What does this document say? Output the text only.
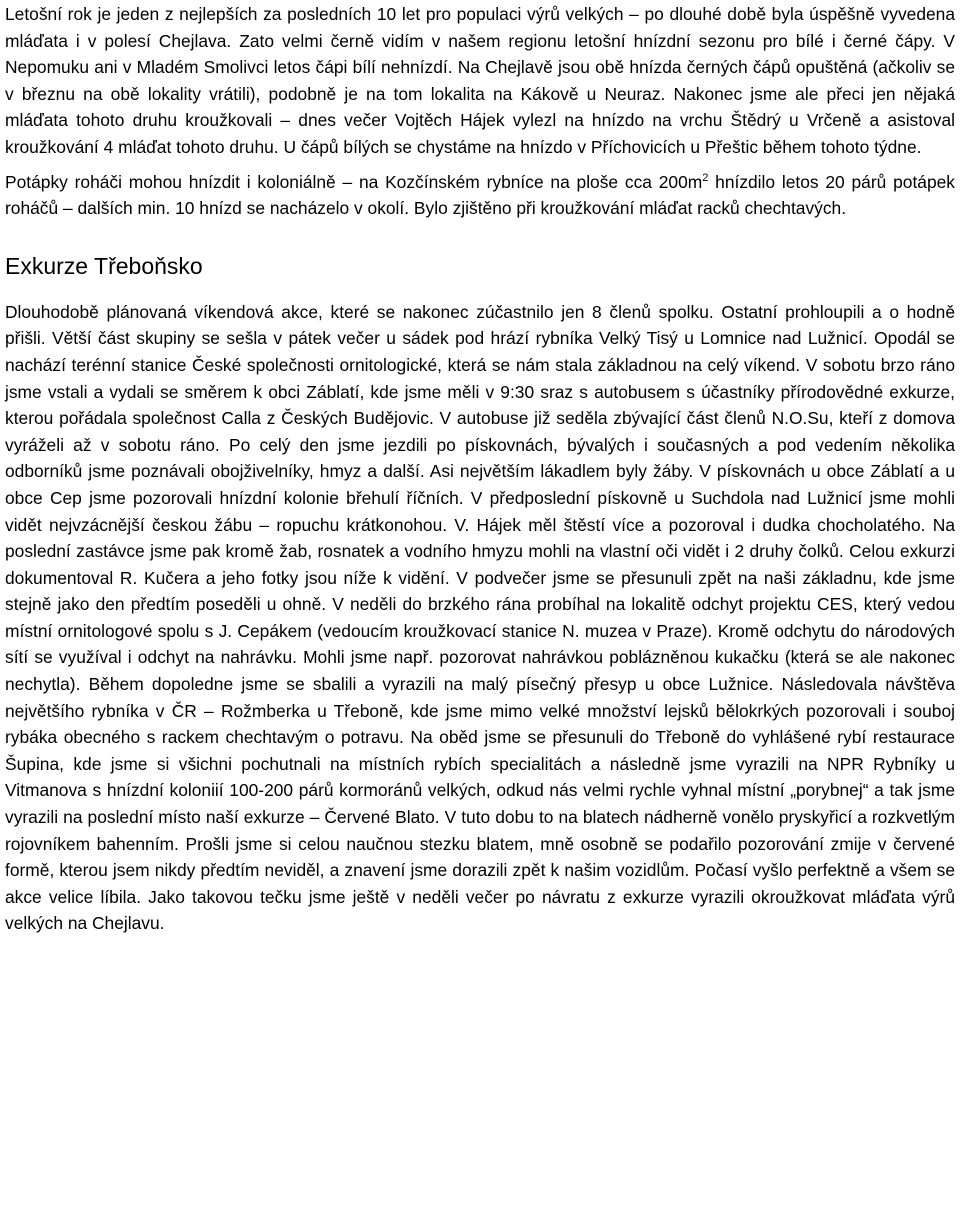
Letošní rok je jeden z nejlepších za posledních 10 let pro populaci výrů velkých – po dlouhé době byla úspěšně vyvedena mláďata i v polesí Chejlava. Zato velmi černě vidím v našem regionu letošní hnízdní sezonu pro bílé i černé čápy. V Nepomuku ani v Mladém Smolivci letos čápi bílí nehnízdí. Na Chejlavě jsou obě hnízda černých čápů opuštěná (ačkoliv se v březnu na obě lokality vrátili), podobně je na tom lokalita na Kákově u Neuraz. Nakonec jsme ale přeci jen nějaká mláďata tohoto druhu kroužkovali – dnes večer Vojtěch Hájek vylezl na hnízdo na vrchu Štědrý u Vrčeně a asistoval kroužkování 4 mláďat tohoto druhu. U čápů bílých se chystáme na hnízdo v Příchovicích u Přeštic během tohoto týdne.

Potápky roháči mohou hnízdit i koloniálně – na Kozčínském rybníce na ploše cca $200m^2$ hnízdilo letos 20 párů potápek roháčů – dalších min. 10 hnízd se nacházelo v okolí. Bylo zjištěno při kroužkování mláďat racků chechtavých.

Exkurze Třeboňsko

Dlouhodobě plánovaná víkendová akce, které se nakonec zúčastnilo jen 8 členů spolku. Ostatní prohloupili a o hodně přišli. Větší část skupiny se sešla v pátek večer u sádek pod hrází rybníka Velký Tisý u Lomnice nad Lužnicí. Opodál se nachází terénní stanice České společnosti ornitologické, která se nám stala základnou na celý víkend. V sobotu brzo ráno jsme vstali a vydali se směrem k obci Záblatí, kde jsme měli v 9:30 sraz s autobusem s účastníky přírodovědné exkurze, kterou pořádala společnost Calla z Českých Budějovic. V autobuse již seděla zbývající část členů N.O.Su, kteří z domova vyráželi až v sobotu ráno. Po celý den jsme jezdili po pískovnách, bývalých i současných a pod vedením několika odborníků jsme poznávali obojživelníky, hmyz a další. Asi největším lákadlem byly žáby. V pískovnách u obce Záblatí a u obce Cep jsme pozorovali hnízdní kolonie břehulí říčních. V předposlední pískovně u Suchdola nad Lužnicí jsme mohli vidět nejvzácnější českou žábu – ropuchu krátkonohou. V. Hájek měl štěstí více a pozoroval i dudka chocholatého. Na poslední zastávce jsme pak kromě žab, rosnatek a vodního hmyzu mohli na vlastní oči vidět i 2 druhy čolků. Celou exkurzi dokumentoval R. Kučera a jeho fotky jsou níže k vidění. V podvečer jsme se přesunuli zpět na naši základnu, kde jsme stejně jako den předtím poseděli u ohně. V neděli do brzkého rána probíhal na lokalitě odchyt projektu CES, který vedou místní ornitologové spolu s J. Cepákem (vedoucím kroužkovací stanice N. muzea v Praze). Kromě odchytu do národových sítí se využíval i odchyt na nahrávku. Mohli jsme např. pozorovat nahrávkou poblázněnou kukačku (která se ale nakonec nechytla). Během dopoledne jsme se sbalili a vyrazili na malý písečný přesyp u obce Lužnice. Následovala návštěva největšího rybníka v ČR – Rožmberka u Třeboně, kde jsme mimo velké množství lejsků bělokrkých pozorovali i souboj rybáka obecného s rackem chechtavým o potravu. Na oběd jsme se přesunuli do Třeboně do vyhlášené rybí restaurace Šupina, kde jsme si všichni pochutnali na místních rybích specialitách a následně jsme vyrazili na NPR Rybníky u Vitmanova s hnízdní koloniií 100-200 párů kormoránů velkých, odkud nás velmi rychle vyhnal místní „porybnej“ a tak jsme vyrazili na poslední místo naší exkurze – Červené Blato. V tuto dobu to na blatech nádherně vonělo pryskyřicí a rozkvetlým rojovníkem bahenním. Prošli jsme si celou naučnou stezku blatem, mně osobně se podařilo pozorování zmije v červené formě, kterou jsem nikdy předtím neviděl, a znavení jsme dorazili zpět k našim vozidlům. Počasí vyšlo perfektně a všem se akce velice líbila. Jako takovou tečku jsme ještě v neděli večer po návratu z exkurze vyrazili okroužkovat mláďata výrů velkých na Chejlavu.
